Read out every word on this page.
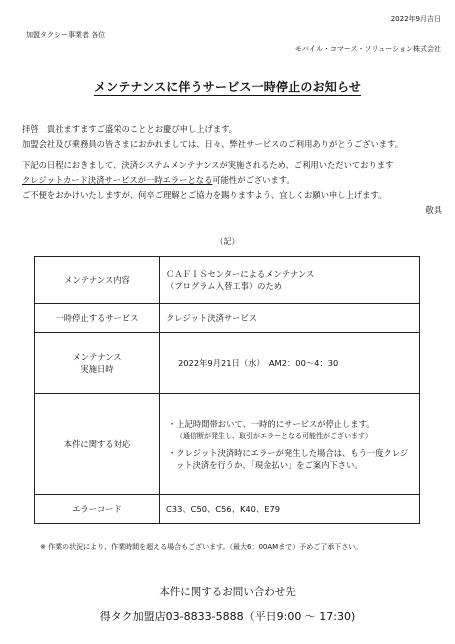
2022年9月吉日
加盟タクシー事業者 各位
モバイル・コマース・ソリューション株式会社
メンテナンスに伴うサービス一時停止のお知らせ

拝啓　貴社ますますご盛栄のこととお慶び申し上げます。

加盟会社及び乗務員の皆さまにおかれましては、日々、弊社サービスのご利用ありがとうございます。

下記の日程におきまして、決済システムメンテナンスが実施されるため、ご利用いただいております

クレジットカード決済サービスが一時エラーとなる可能性がございます。

ご不便をおかけいたしますが、何卒ご理解とご協力を賜りますよう、宜しくお願い申し上げます。

敬具

（記）
メンテナンス内容	ＣＡＦＩＳセンターによるメンテナンス
（プログラム入替工事）のため

一時停止するサービス	クレジット決済サービス

メンテナンス
実施日時	2022年9月21日（水）　AM2：00～4：30
本件に関する対応	・上記時間帯おいて、一時的にサービスが停止します。
（通信断が発生し、取引がエラーとなる可能性がございます）
・クレジット決済時にエラーが発生した場合は、もう一度クレジット決済を行うか、「現金払い」をご案内下さい。

エラーコード	C33、C50、C56、K40、E79
※ 作業の状況により、作業時間を超える場合もございます。（最大6：00AMまで）予めご了承下さい。
本件に関するお問い合わせ先
得タク加盟店03-8833-5888（平日9:00 ～ 17:30)
